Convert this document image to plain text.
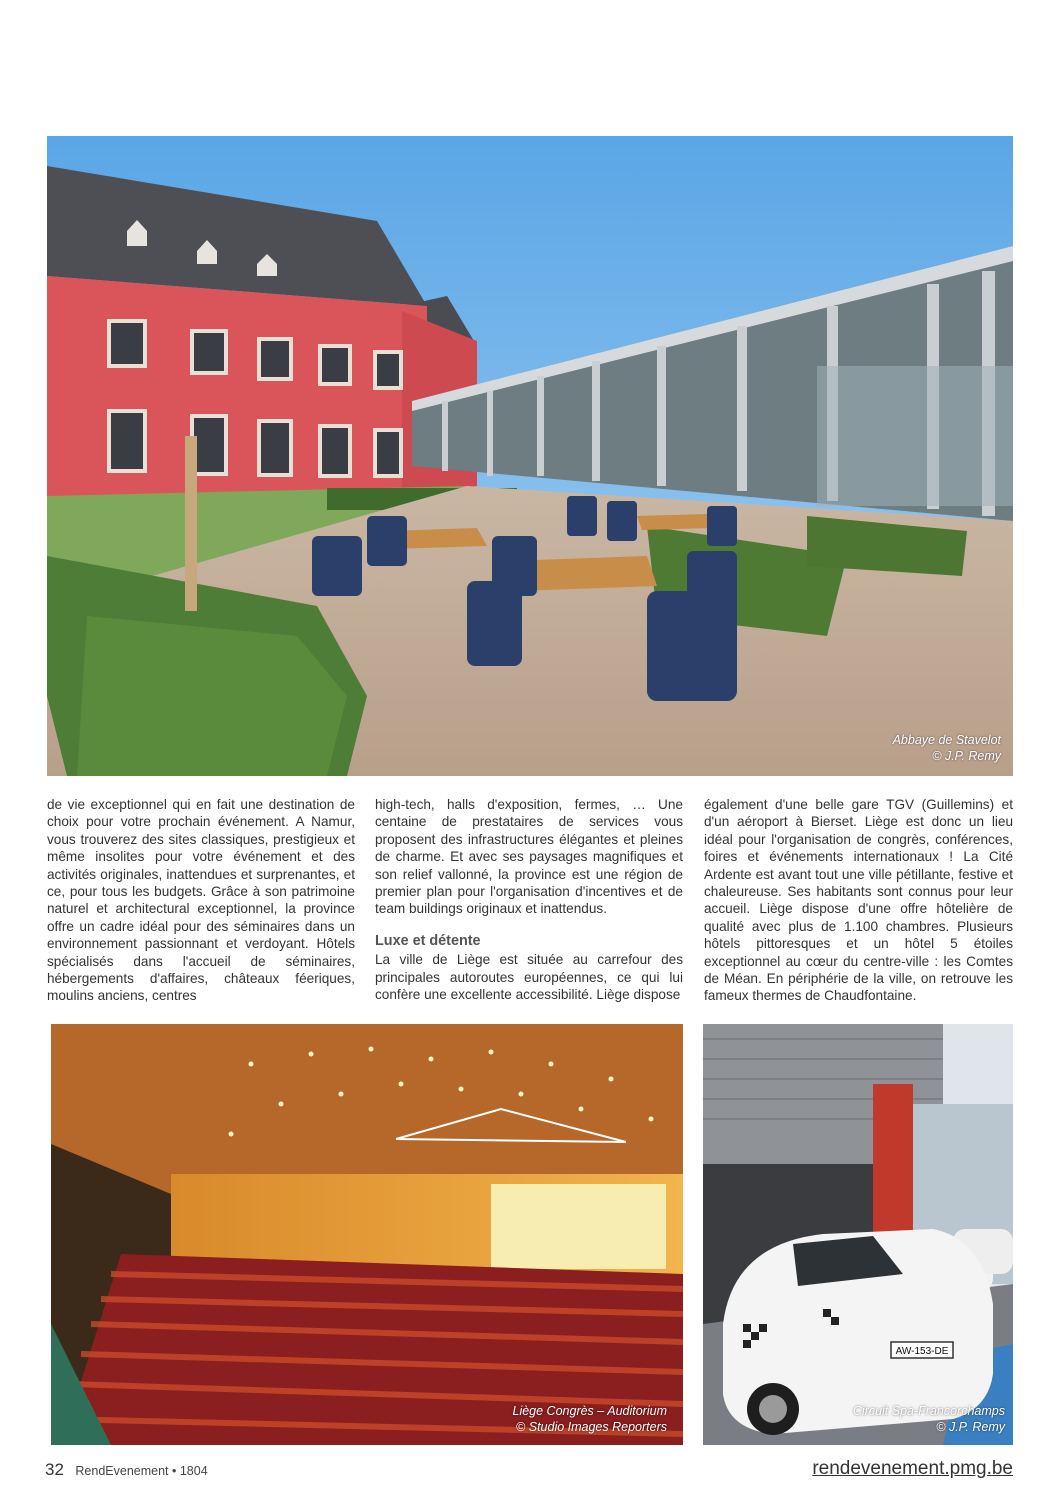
Abbaye de Stavelot
© J.P. Remy

de vie exceptionnel qui en fait une destination de choix pour votre prochain événement. A Namur, vous trouverez des sites classiques, prestigieux et même insolites pour votre événement et des activités originales, inattendues et surprenantes, et ce, pour tous les budgets. Grâce à son patrimoine naturel et architectural exceptionnel, la province offre un cadre idéal pour des séminaires dans un environnement passionnant et verdoyant. Hôtels spécialisés dans l'accueil de séminaires, hébergements d'affaires, châteaux féeriques, moulins anciens, centres

high-tech, halls d'exposition, fermes, … Une centaine de prestataires de services vous proposent des infrastructures élégantes et pleines de charme. Et avec ses paysages magnifiques et son relief vallonné, la province est une région de premier plan pour l'organisation d'incentives et de team buildings originaux et inattendus.

Luxe et détente

La ville de Liège est située au carrefour des principales autoroutes européennes, ce qui lui confère une excellente accessibilité. Liège dispose

également d'une belle gare TGV (Guillemins) et d'un aéroport à Bierset. Liège est donc un lieu idéal pour l'organisation de congrès, conférences, foires et événements internationaux ! La Cité Ardente est avant tout une ville pétillante, festive et chaleureuse. Ses habitants sont connus pour leur accueil. Liège dispose d'une offre hôtelière de qualité avec plus de 1.100 chambres. Plusieurs hôtels pittoresques et un hôtel 5 étoiles exceptionnel au cœur du centre-ville : les Comtes de Méan. En périphérie de la ville, on retrouve les fameux thermes de Chaudfontaine.

Liège Congrès – Auditorium
© Studio Images Reporters
AW-153-DE
Circuit Spa-Francorchamps
© J.P. Remy
32 RendEvenement • 1804	rendevenement.pmg.be
